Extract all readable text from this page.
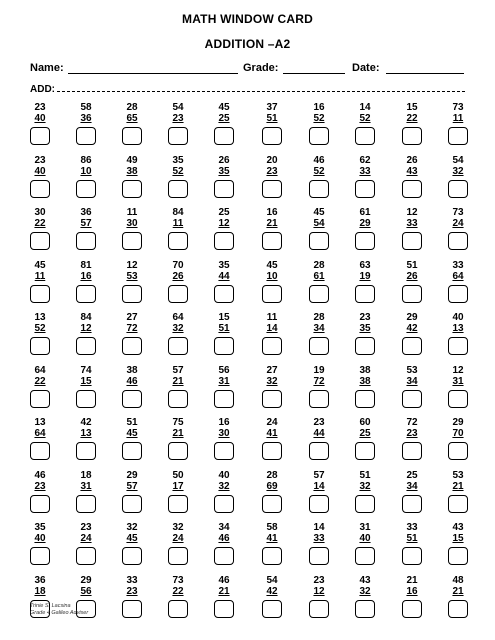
MATH WINDOW CARD
ADDITION –A2
Name:	Grade:	Date:
ADD:
23
40
58
36
28
65
54
23
45
25
37
51
16
52
14
52
15
22
73
11
23
40
86
10
49
38
35
52
26
35
20
23
46
52
62
33
26
43
54
32
30
22
36
57
11
30
84
11
25
12
16
21
45
54
61
29
12
33
73
24
45
11
81
16
12
53
70
26
35
44
45
10
28
61
63
19
51
26
33
64
13
52
84
12
27
72
64
32
15
51
11
14
28
34
23
35
29
42
40
13
64
22
74
15
38
46
57
21
56
31
27
32
19
72
38
38
53
34
12
31
13
64
42
13
51
45
75
21
16
30
24
41
23
44
60
25
72
23
29
70
46
23
18
31
29
57
50
17
40
32
28
69
57
14
51
32
25
34
53
21
35
40
23
24
32
45
32
24
34
46
58
41
14
33
31
40
33
51
43
15
36
18
29
56
33
23
73
22
46
21
54
42
23
12
43
32
21
16
48
21
Trinie S. Lacsina
Grade 4 Galileo Adviser
